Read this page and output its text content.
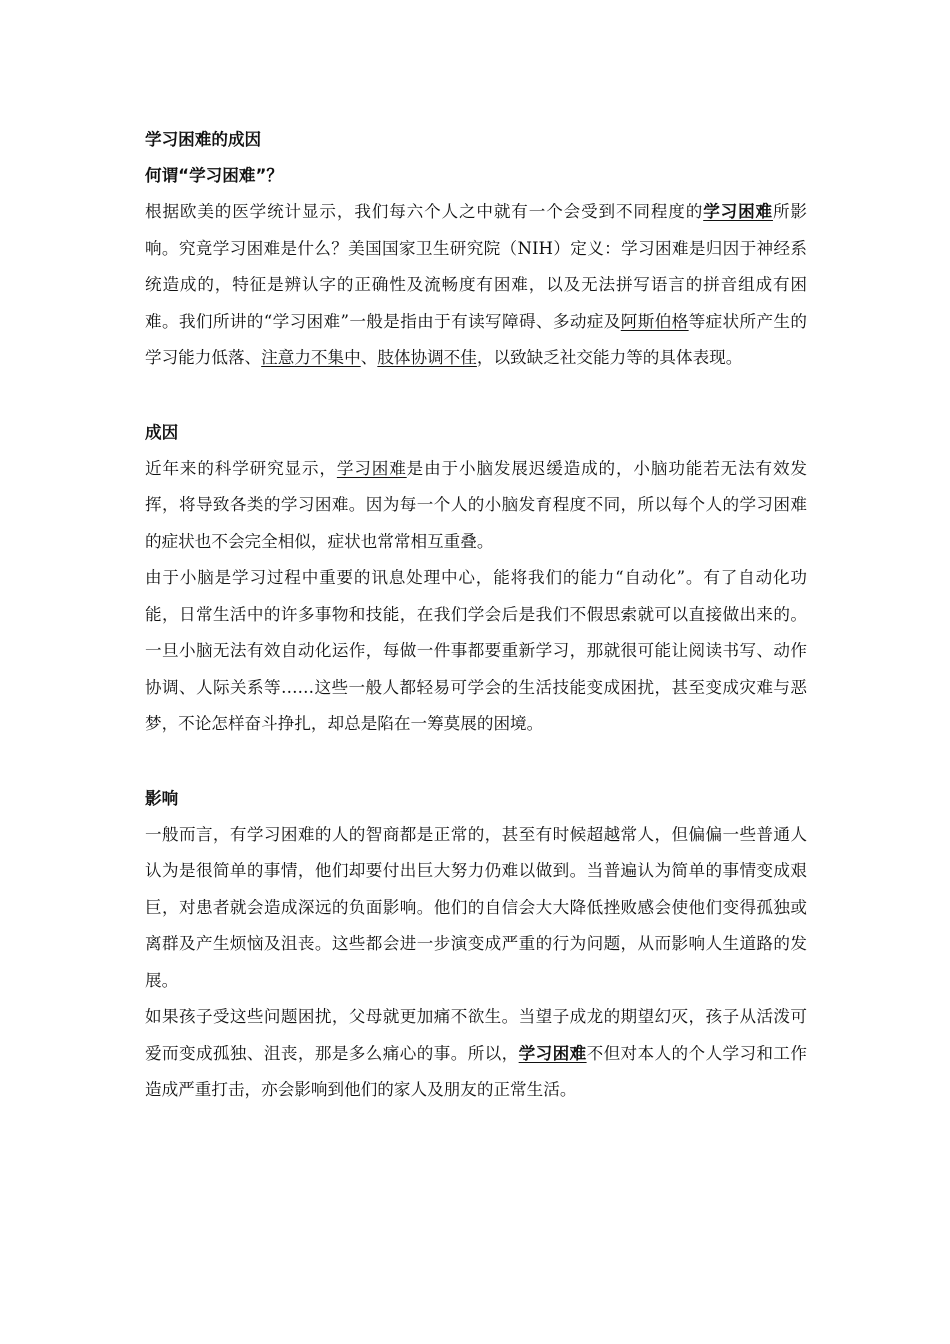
学习困难的成因
何谓“学习困难”？

根据欧美的医学统计显示，我们每六个人之中就有一个会受到不同程度的学习困难所影响。究竟学习困难是什么？美国国家卫生研究院（NIH）定义：学习困难是归因于神经系统造成的，特征是辨认字的正确性及流畅度有困难，以及无法拼写语言的拼音组成有困难。我们所讲的“学习困难”一般是指由于有读写障碍、多动症及阿斯伯格等症状所产生的学习能力低落、注意力不集中、肢体协调不佳，以致缺乏社交能力等的具体表现。

成因

近年来的科学研究显示，学习困难是由于小脑发展迟缓造成的，小脑功能若无法有效发挥，将导致各类的学习困难。因为每一个人的小脑发育程度不同，所以每个人的学习困难的症状也不会完全相似，症状也常常相互重叠。

由于小脑是学习过程中重要的讯息处理中心，能将我们的能力“自动化”。有了自动化功能，日常生活中的许多事物和技能，在我们学会后是我们不假思索就可以直接做出来的。一旦小脑无法有效自动化运作，每做一件事都要重新学习，那就很可能让阅读书写、动作协调、人际关系等……这些一般人都轻易可学会的生活技能变成困扰，甚至变成灾难与恶梦，不论怎样奋斗挣扎，却总是陷在一筹莫展的困境。

影响

一般而言，有学习困难的人的智商都是正常的，甚至有时候超越常人，但偏偏一些普通人认为是很简单的事情，他们却要付出巨大努力仍难以做到。当普遍认为简单的事情变成艰巨，对患者就会造成深远的负面影响。他们的自信会大大降低挫败感会使他们变得孤独或离群及产生烦恼及沮丧。这些都会进一步演变成严重的行为问题，从而影响人生道路的发展。

如果孩子受这些问题困扰，父母就更加痛不欲生。当望子成龙的期望幻灭，孩子从活泼可爱而变成孤独、沮丧，那是多么痛心的事。所以，学习困难不但对本人的个人学习和工作造成严重打击，亦会影响到他们的家人及朋友的正常生活。
